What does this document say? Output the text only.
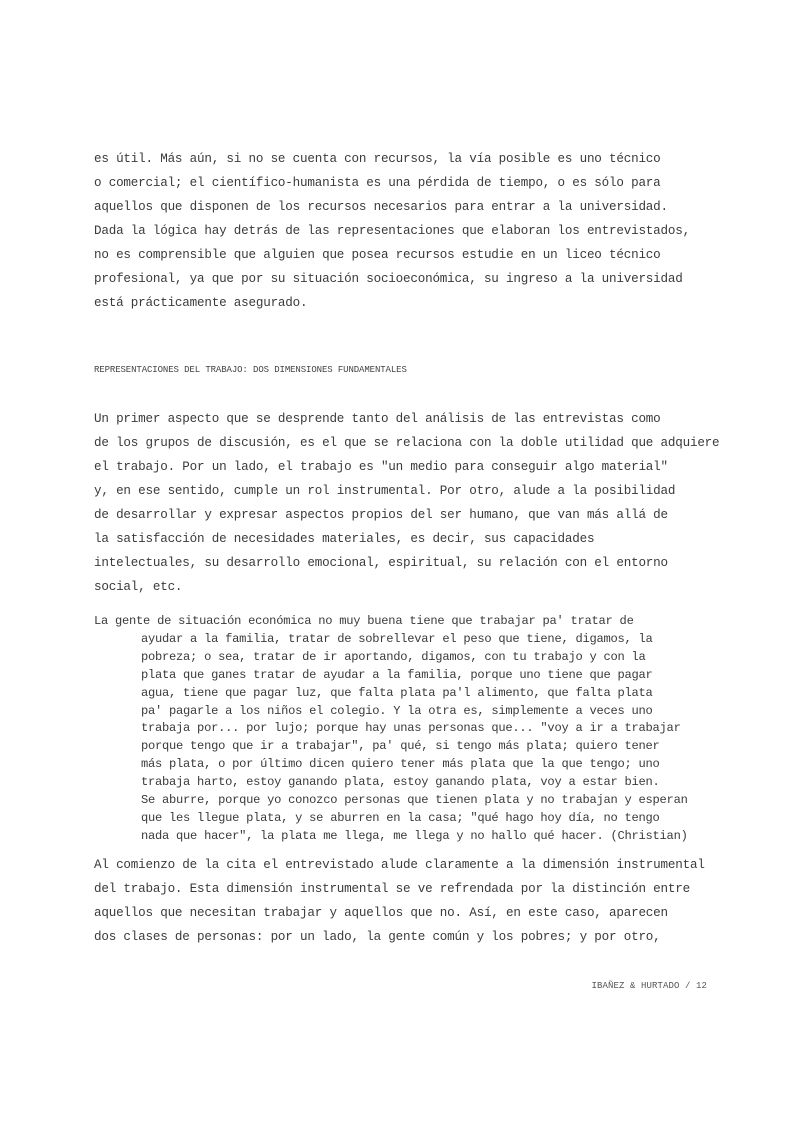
es útil. Más aún, si no se cuenta con recursos, la vía posible es uno técnico
o comercial; el científico-humanista es una pérdida de tiempo, o es sólo para
aquellos que disponen de los recursos necesarios para entrar a la universidad.
Dada la lógica hay detrás de las representaciones que elaboran los entrevistados,
no es comprensible que alguien que posea recursos estudie en un liceo técnico
profesional, ya que por su situación socioeconómica, su ingreso a la universidad
está prácticamente asegurado.
REPRESENTACIONES DEL TRABAJO: DOS DIMENSIONES FUNDAMENTALES
Un primer aspecto que se desprende tanto del análisis de las entrevistas como
de los grupos de discusión, es el que se relaciona con la doble utilidad que adquiere
el trabajo. Por un lado, el trabajo es "un medio para conseguir algo material"
y, en ese sentido, cumple un rol instrumental. Por otro, alude a la posibilidad
de desarrollar y expresar aspectos propios del ser humano, que van más allá de
la satisfacción de necesidades materiales, es decir, sus capacidades
intelectuales, su desarrollo emocional, espiritual, su relación con el entorno
social, etc.
La gente de situación económica no muy buena tiene que trabajar pa' tratar de
ayudar a la familia, tratar de sobrellevar el peso que tiene, digamos, la
pobreza; o sea, tratar de ir aportando, digamos, con tu trabajo y con la
plata que ganes tratar de ayudar a la familia, porque uno tiene que pagar
agua, tiene que pagar luz, que falta plata pa'l alimento, que falta plata
pa' pagarle a los niños el colegio. Y la otra es, simplemente a veces uno
trabaja por... por lujo; porque hay unas personas que... "voy a ir a trabajar
porque tengo que ir a trabajar", pa' qué, si tengo más plata; quiero tener
más plata, o por último dicen quiero tener más plata que la que tengo; uno
trabaja harto, estoy ganando plata, estoy ganando plata, voy a estar bien.
Se aburre, porque yo conozco personas que tienen plata y no trabajan y esperan
que les llegue plata, y se aburren en la casa; "qué hago hoy día, no tengo
nada que hacer", la plata me llega, me llega y no hallo qué hacer. (Christian)
Al comienzo de la cita el entrevistado alude claramente a la dimensión instrumental
del trabajo. Esta dimensión instrumental se ve refrendada por la distinción entre
aquellos que necesitan trabajar y aquellos que no. Así, en este caso, aparecen
dos clases de personas: por un lado, la gente común y los pobres; y por otro,
IBAÑEZ & HURTADO / 12
